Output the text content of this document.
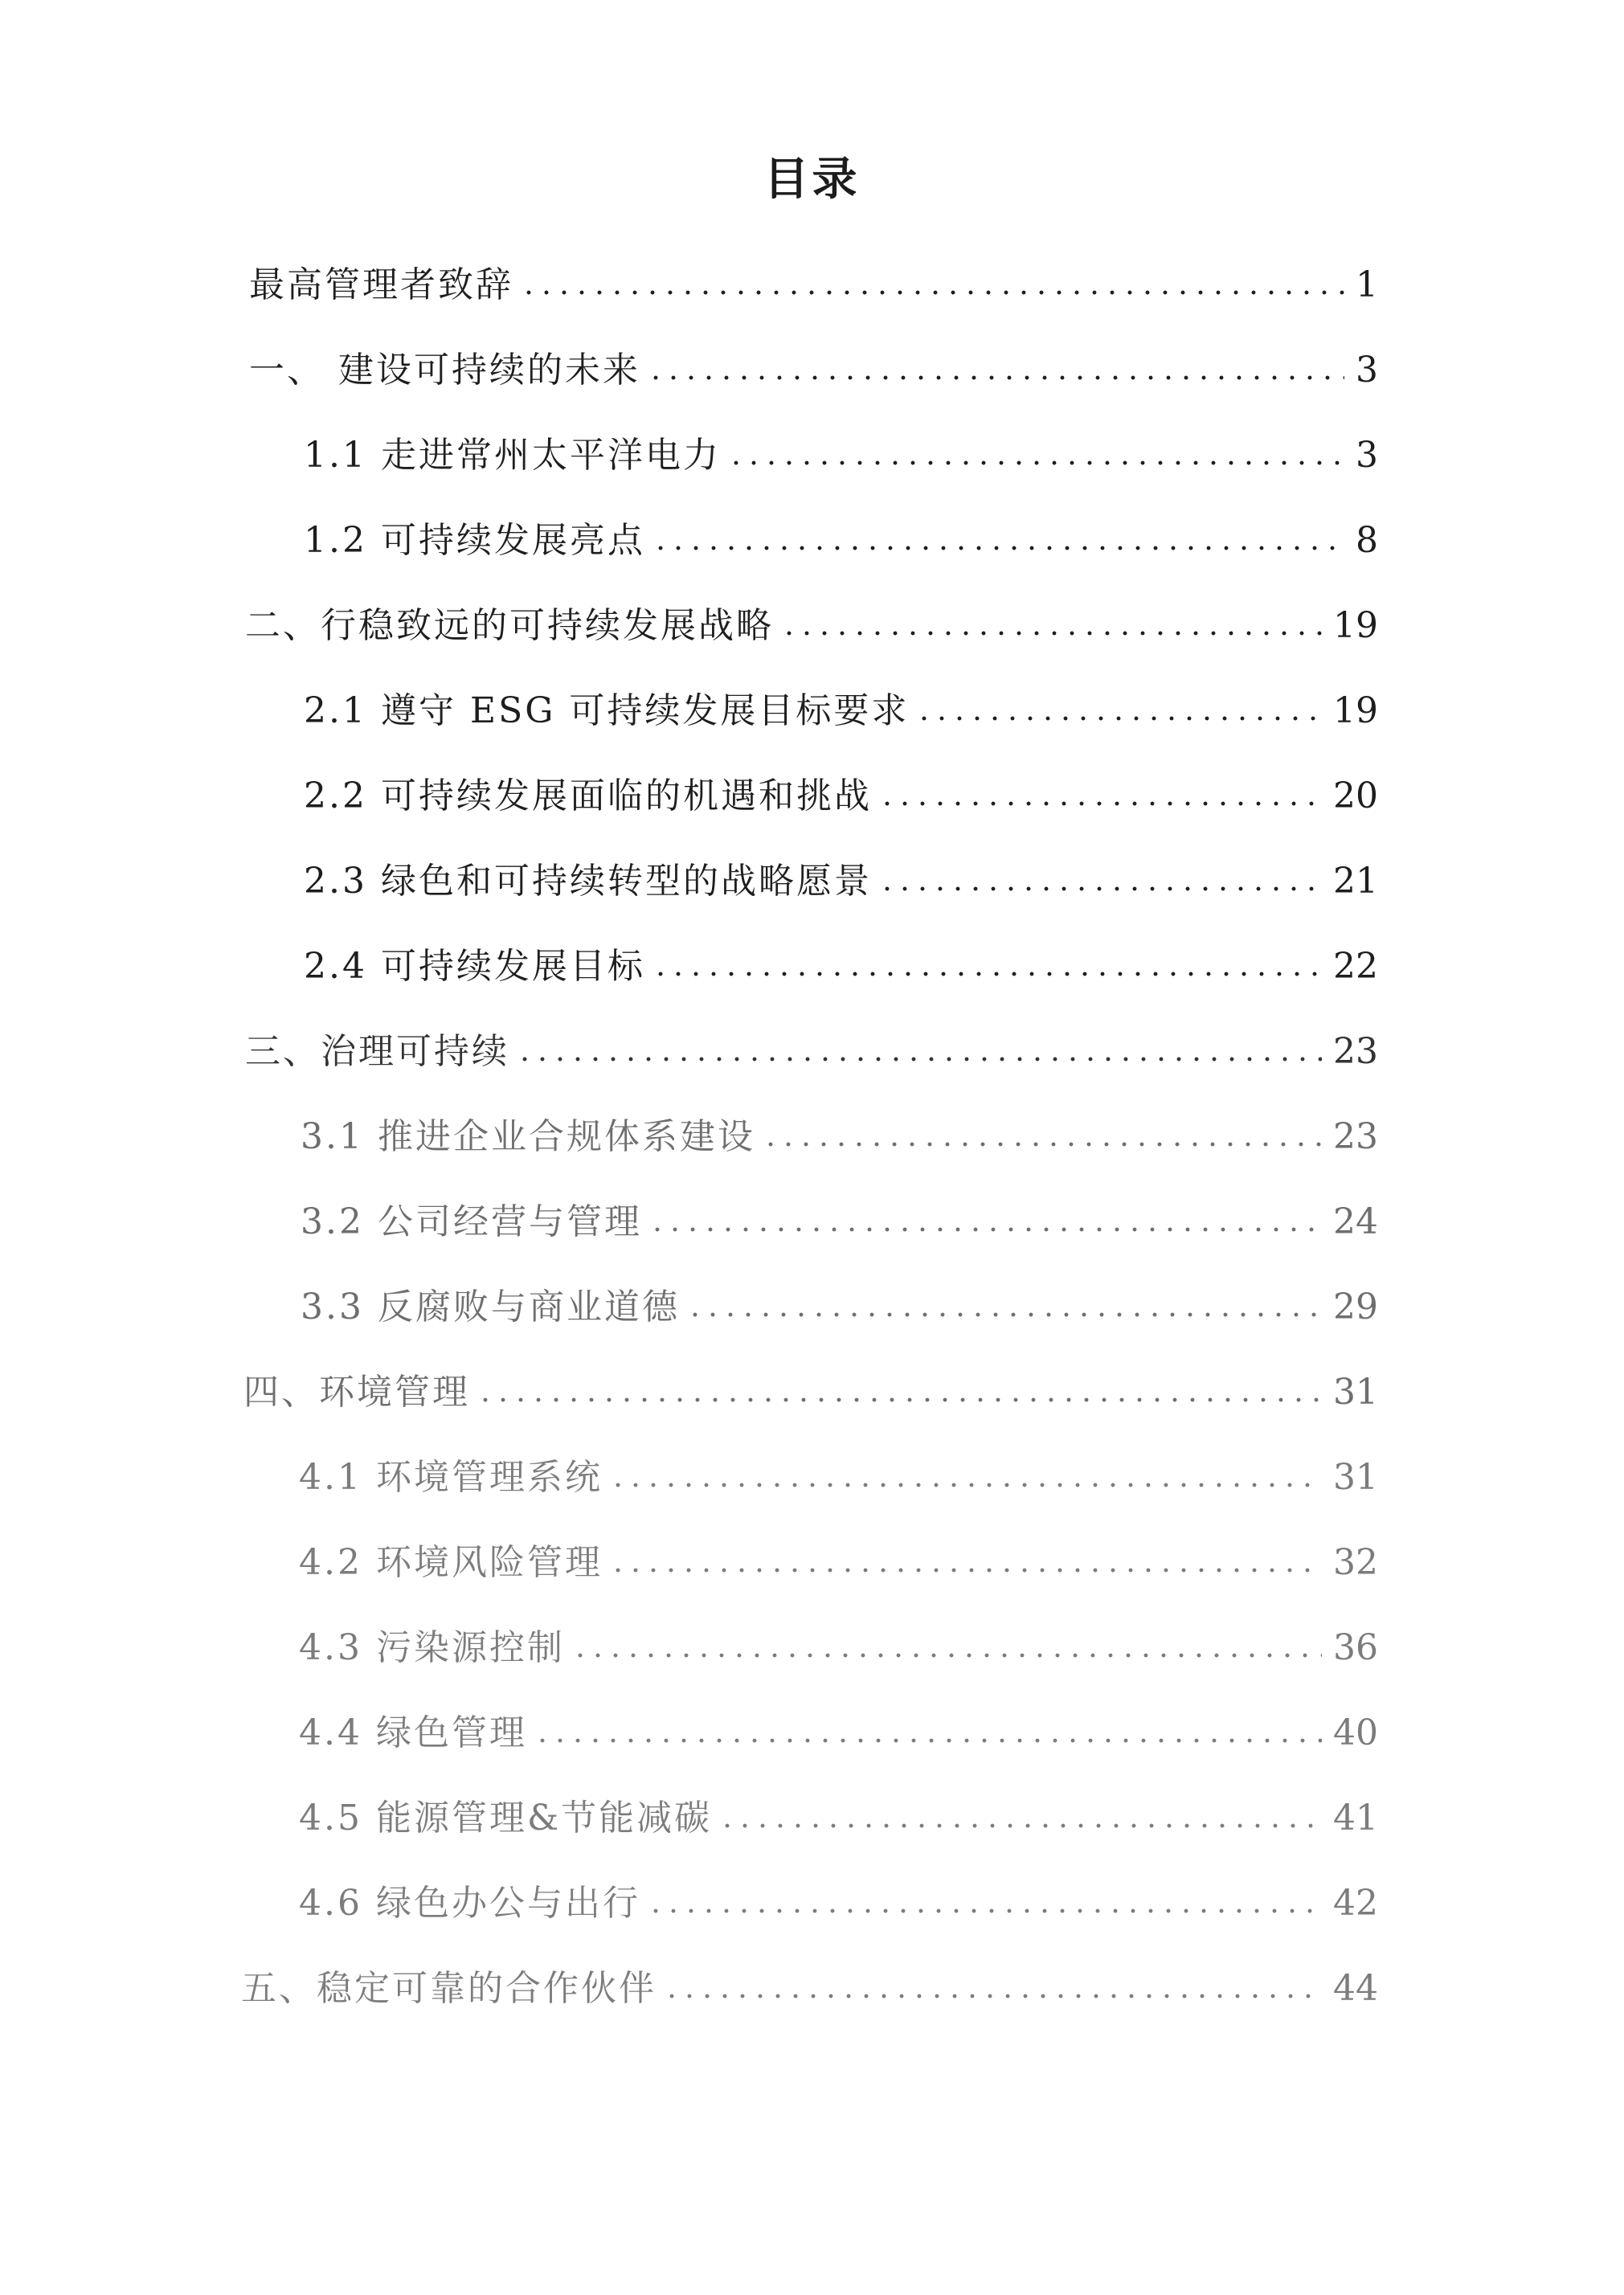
目录
最高管理者致辞	1
一、 建设可持续的未来	3
1.1 走进常州太平洋电力	3
1.2 可持续发展亮点	8
二、行稳致远的可持续发展战略	19
2.1 遵守 ESG 可持续发展目标要求	19
2.2 可持续发展面临的机遇和挑战	20
2.3 绿色和可持续转型的战略愿景	21
2.4 可持续发展目标	22
三、治理可持续	23
3.1 推进企业合规体系建设	23
3.2 公司经营与管理	24
3.3 反腐败与商业道德	29
四、环境管理	31
4.1 环境管理系统	31
4.2 环境风险管理	32
4.3 污染源控制	36
4.4 绿色管理	40
4.5 能源管理&节能减碳	41
4.6 绿色办公与出行	42
五、稳定可靠的合作伙伴	44
